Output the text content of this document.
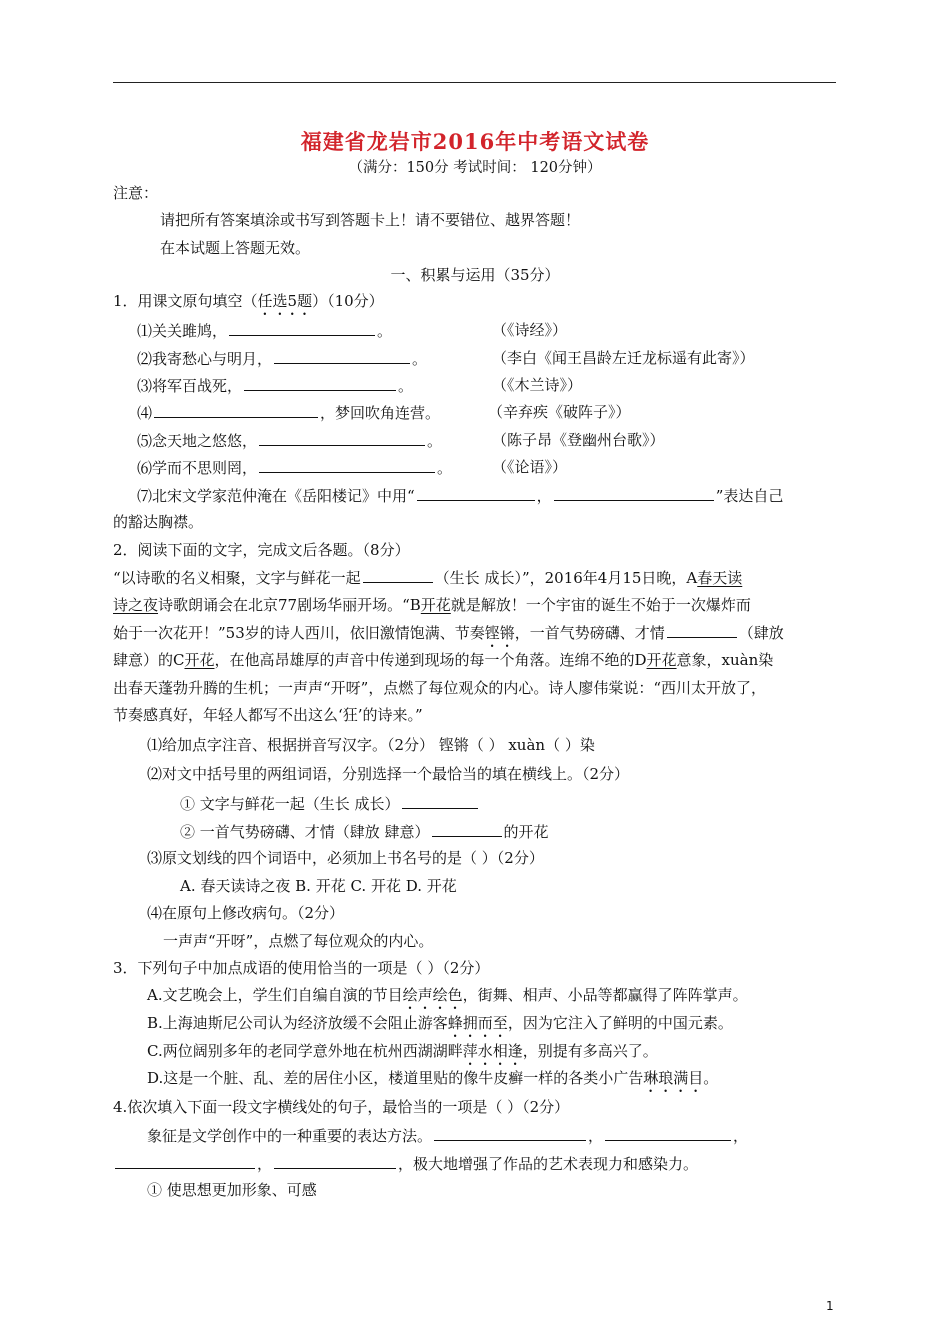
福建省龙岩市2016年中考语文试卷
（满分：150分 考试时间： 120分钟）
注意：
请把所有答案填涂或书写到答题卡上！请不要错位、越界答题！
在本试题上答题无效。
一、积累与运用（35分）
1．用课文原句填空（任选5题）（10分）
⑴关关雎鸠，	。	（《诗经》）
⑵我寄愁心与明月，	。	（李白《闻王昌龄左迁龙标遥有此寄》）
⑶将军百战死，	。	（《木兰诗》）
⑷	，梦回吹角连营。	（辛弃疾《破阵子》）
⑸念天地之悠悠，	。	（陈子昂《登幽州台歌》）
⑹学而不思则罔，	。	（《论语》）
⑺北宋文学家范仲淹在《岳阳楼记》中用“	，	”表达自己
的豁达胸襟。
2．阅读下面的文字，完成文后各题。（8分）
“以诗歌的名义相聚，文字与鲜花一起	（生长 成长）”，2016年4月15日晚，A春天读
诗之夜诗歌朗诵会在北京77剧场华丽开场。“B开花就是解放！一个宇宙的诞生不始于一次爆炸而
始于一次花开！”53岁的诗人西川，依旧激情饱满、节奏铿锵，一首气势磅礴、才情	（肆放
肆意）的C开花，在他高昂雄厚的声音中传递到现场的每一个角落。连绵不绝的D开花意象，xuàn染
出春天蓬勃升腾的生机；一声声“开呀”，点燃了每位观众的内心。诗人廖伟棠说：“西川太开放了，
节奏感真好，年轻人都写不出这么‘狂’的诗来。”
⑴给加点字注音、根据拼音写汉字。（2分） 铿锵（ ） xuàn（ ）染
⑵对文中括号里的两组词语，分别选择一个最恰当的填在横线上。（2分）
① 文字与鲜花一起（生长 成长）
② 一首气势磅礴、才情（肆放 肆意）	的开花
⑶原文划线的四个词语中，必须加上书名号的是（ ）（2分）
A. 春天读诗之夜 B. 开花 C. 开花 D. 开花
⑷在原句上修改病句。（2分）
一声声“开呀”，点燃了每位观众的内心。
3．下列句子中加点成语的使用恰当的一项是（ ）（2分）
A.文艺晚会上，学生们自编自演的节目绘声绘色，街舞、相声、小品等都赢得了阵阵掌声。
B.上海迪斯尼公司认为经济放缓不会阻止游客蜂拥而至，因为它注入了鲜明的中国元素。
C.两位阔别多年的老同学意外地在杭州西湖湖畔萍水相逢，别提有多高兴了。
D.这是一个脏、乱、差的居住小区，楼道里贴的像牛皮癣一样的各类小广告琳琅满目。
4.依次填入下面一段文字横线处的句子，最恰当的一项是（ ）（2分）
象征是文学创作中的一种重要的表达方法。	，	，
，	，极大地增强了作品的艺术表现力和感染力。
① 使思想更加形象、可感
1
